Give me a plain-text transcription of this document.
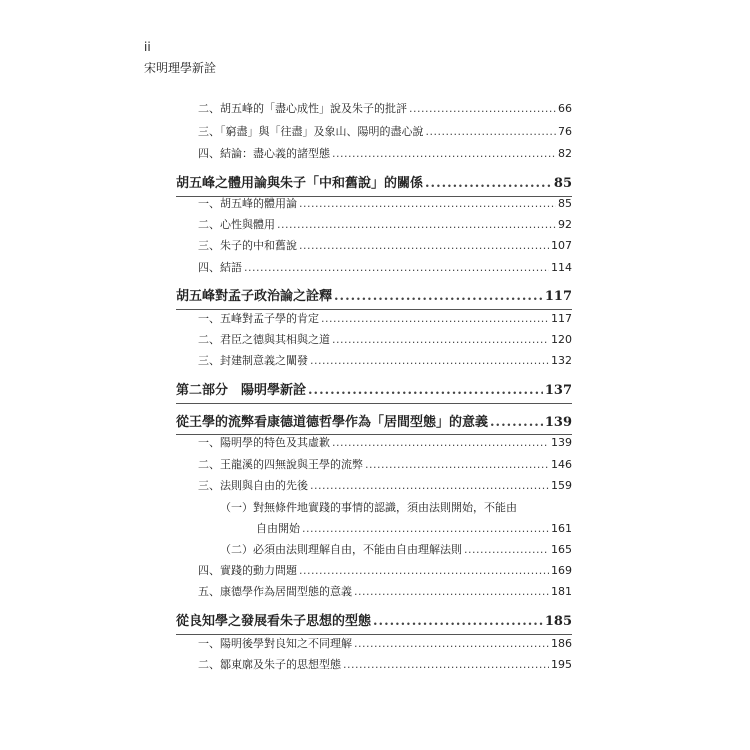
ii
宋明理學新詮
二、胡五峰的「盡心成性」說及朱子的批評 .....	66
三、「窮盡」與「往盡」及象山、陽明的盡心說 .....	76
四、結論：盡心義的諸型態 .....	82
胡五峰之體用論與朱子「中和舊說」的關係 .....	85
一、胡五峰的體用論 .....	85
二、心性與體用 .....	92
三、朱子的中和舊說 .....	107
四、結語 .....	114
胡五峰對孟子政治論之詮釋 .....	117
一、五峰對孟子學的肯定 .....	117
二、君臣之德與其相與之道 .....	120
三、封建制意義之闡發 .....	132
第二部分　陽明學新詮 .....	137
從王學的流弊看康德道德哲學作為「居間型態」的意義 .....	139
一、陽明學的特色及其虛歉 .....	139
二、王龍溪的四無說與王學的流弊 .....	146
三、法則與自由的先後 .....	159
（一）對無條件地實踐的事情的認識，須由法則開始，不能由
自由開始 .....	161
（二）必須由法則理解自由，不能由自由理解法則 .....	165
四、實踐的動力問題 .....	169
五、康德學作為居間型態的意義 .....	181
從良知學之發展看朱子思想的型態 .....	185
一、陽明後學對良知之不同理解 .....	186
二、鄒東廓及朱子的思想型態 .....	195
